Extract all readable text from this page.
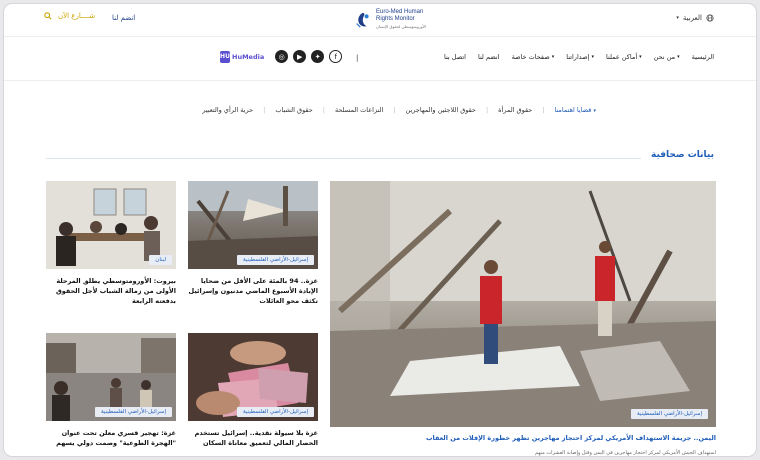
شــــارع الآن انضم لنا
Euro-Med Human
Rights Monitor
الأورومتوسطي لحقوق الإنسان
العربية
▾
HU HuMedia	◎	▶	✦	f	|	الرئيسية
من نحن ▾
أماكن عملنا ▾
إصداراتنا ▾
صفحات خاصة ▾
انضم لنا
اتصل بنا
قضايا اهتمامنا ▾
|
حقوق المرأة
|
حقوق اللاجئين والمهاجرين
|
النزاعات المسلحة
|
حقوق الشباب
|
حرية الرأي والتعبير
بيانات صحافية
إسرائيل-الأراضي الفلسطينية
اليمن.. جريمة الاستهداف الأمريكي لمركز احتجاز مهاجرين تظهر خطورة الإفلات من العقاب
استهداف الجيش الأمريكي لمركز احتجاز مهاجرين في اليمن وقتل وإصابة العشرات منهم
إسرائيل-الأراضي الفلسطينية
غزة.. 94 بالمئة على الأقل من ضحايا الإبادة الأسبوع الماضي مدنيون وإسرائيل تكثف محو العائلات
لبنان
بيروت: الأورومتوسطي يطلق المرحلة الأولى من زمالة الشباب لأجل الحقوق بدفعته الرابعة
إسرائيل-الأراضي الفلسطينية
غزة بلا سيولة نقدية.. إسرائيل تستخدم الحصار المالي لتعميق معاناة السكان
إسرائيل-الأراضي الفلسطينية
غزة: تهجير قسري معلن تحت عنوان "الهجرة الطوعية" وصمت دولي يسهم
